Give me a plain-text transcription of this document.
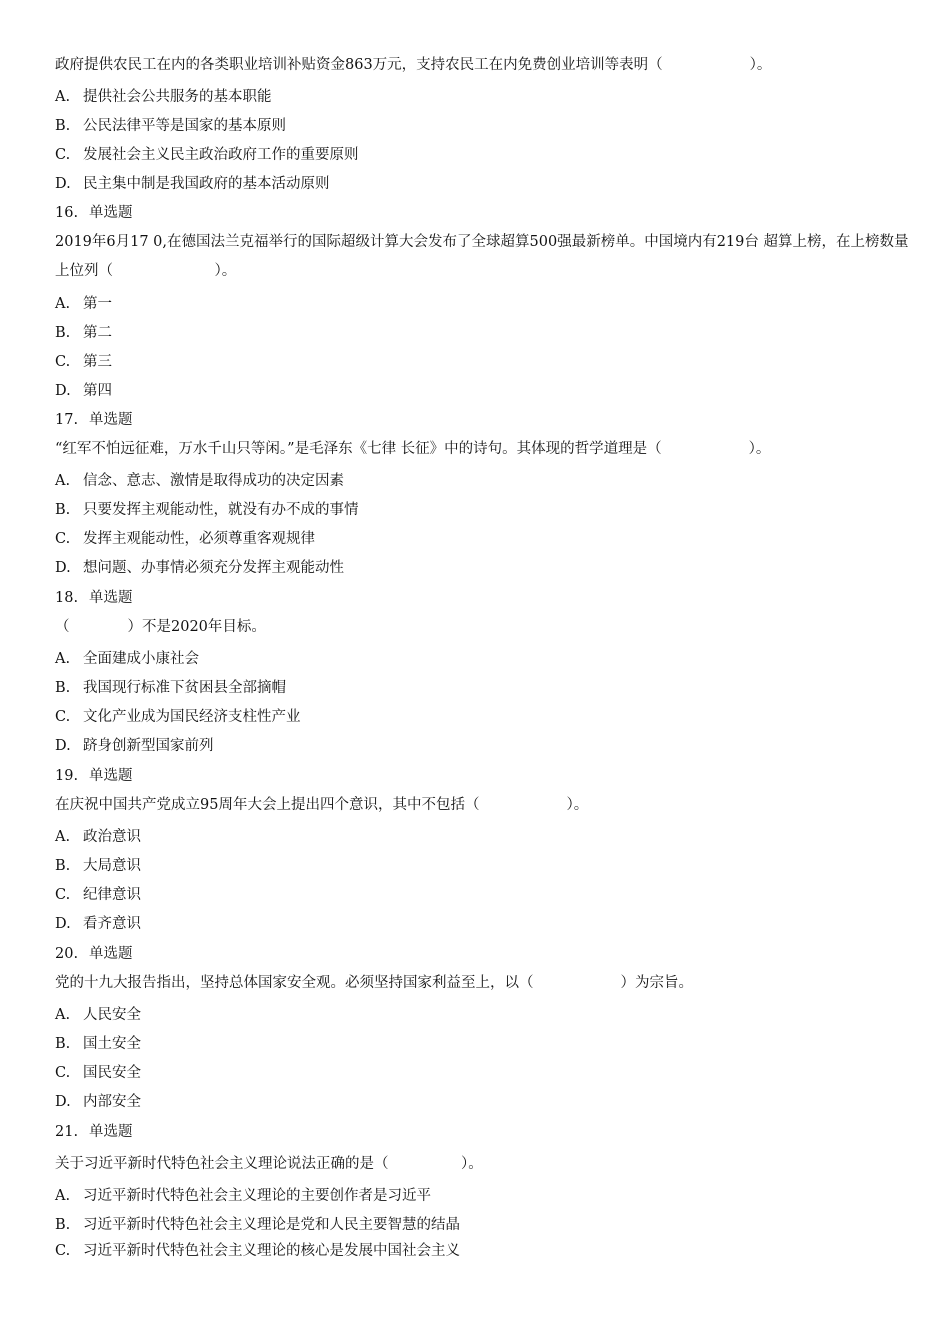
政府提供农民工在内的各类职业培训补贴资金863万元，支持农民工在内免费创业培训等表明（　　　　　　）。
A. 提供社会公共服务的基本职能
B. 公民法律平等是国家的基本原则
C. 发展社会主义民主政治政府工作的重要原则
D. 民主集中制是我国政府的基本活动原则
16. 单选题
2019年6月17 0,在德国法兰克福举行的国际超级计算大会发布了全球超算500强最新榜单。中国境内有219台 超算上榜，在上榜数量上位列（　　　　　　　）。
A. 第一
B. 第二
C. 第三
D. 第四
17. 单选题
“红军不怕远征难，万水千山只等闲。”是毛泽东《七律 长征》中的诗句。其体现的哲学道理是（　　　　　　）。
A. 信念、意志、激情是取得成功的决定因素
B. 只要发挥主观能动性，就没有办不成的事情
C. 发挥主观能动性，必须尊重客观规律
D. 想问题、办事情必须充分发挥主观能动性
18. 单选题
（　　　　）不是2020年目标。
A. 全面建成小康社会
B. 我国现行标准下贫困县全部摘帽
C. 文化产业成为国民经济支柱性产业
D. 跻身创新型国家前列
19. 单选题
在庆祝中国共产党成立95周年大会上提出四个意识，其中不包括（　　　　　　）。
A. 政治意识
B. 大局意识
C. 纪律意识
D. 看齐意识
20. 单选题
党的十九大报告指出，坚持总体国家安全观。必须坚持国家利益至上，以（　　　　　　）为宗旨。
A. 人民安全
B. 国土安全
C. 国民安全
D. 内部安全
21. 单选题
关于习近平新时代特色社会主义理论说法正确的是（　　　　　）。
A. 习近平新时代特色社会主义理论的主要创作者是习近平
B. 习近平新时代特色社会主义理论是党和人民主要智慧的结晶
C. 习近平新时代特色社会主义理论的核心是发展中国社会主义
